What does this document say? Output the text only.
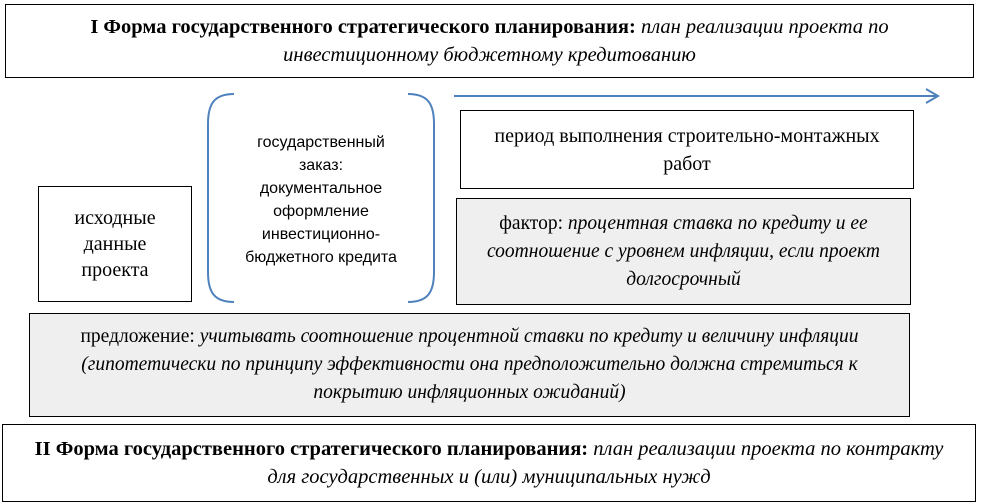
I Форма государственного стратегического планирования: план реализации проекта по инвестиционному бюджетному кредитованию
исходные данные проекта
государственный заказ: документальное оформление инвестиционно-бюджетного кредита
период выполнения строительно-монтажных работ
фактор: процентная ставка по кредиту и ее соотношение с уровнем инфляции, если проект долгосрочный
предложение: учитывать соотношение процентной ставки по кредиту и величину инфляции (гипотетически по принципу эффективности она предположительно должна стремиться к покрытию инфляционных ожиданий)
II Форма государственного стратегического планирования: план реализации проекта по контракту для государственных и (или) муниципальных нужд
